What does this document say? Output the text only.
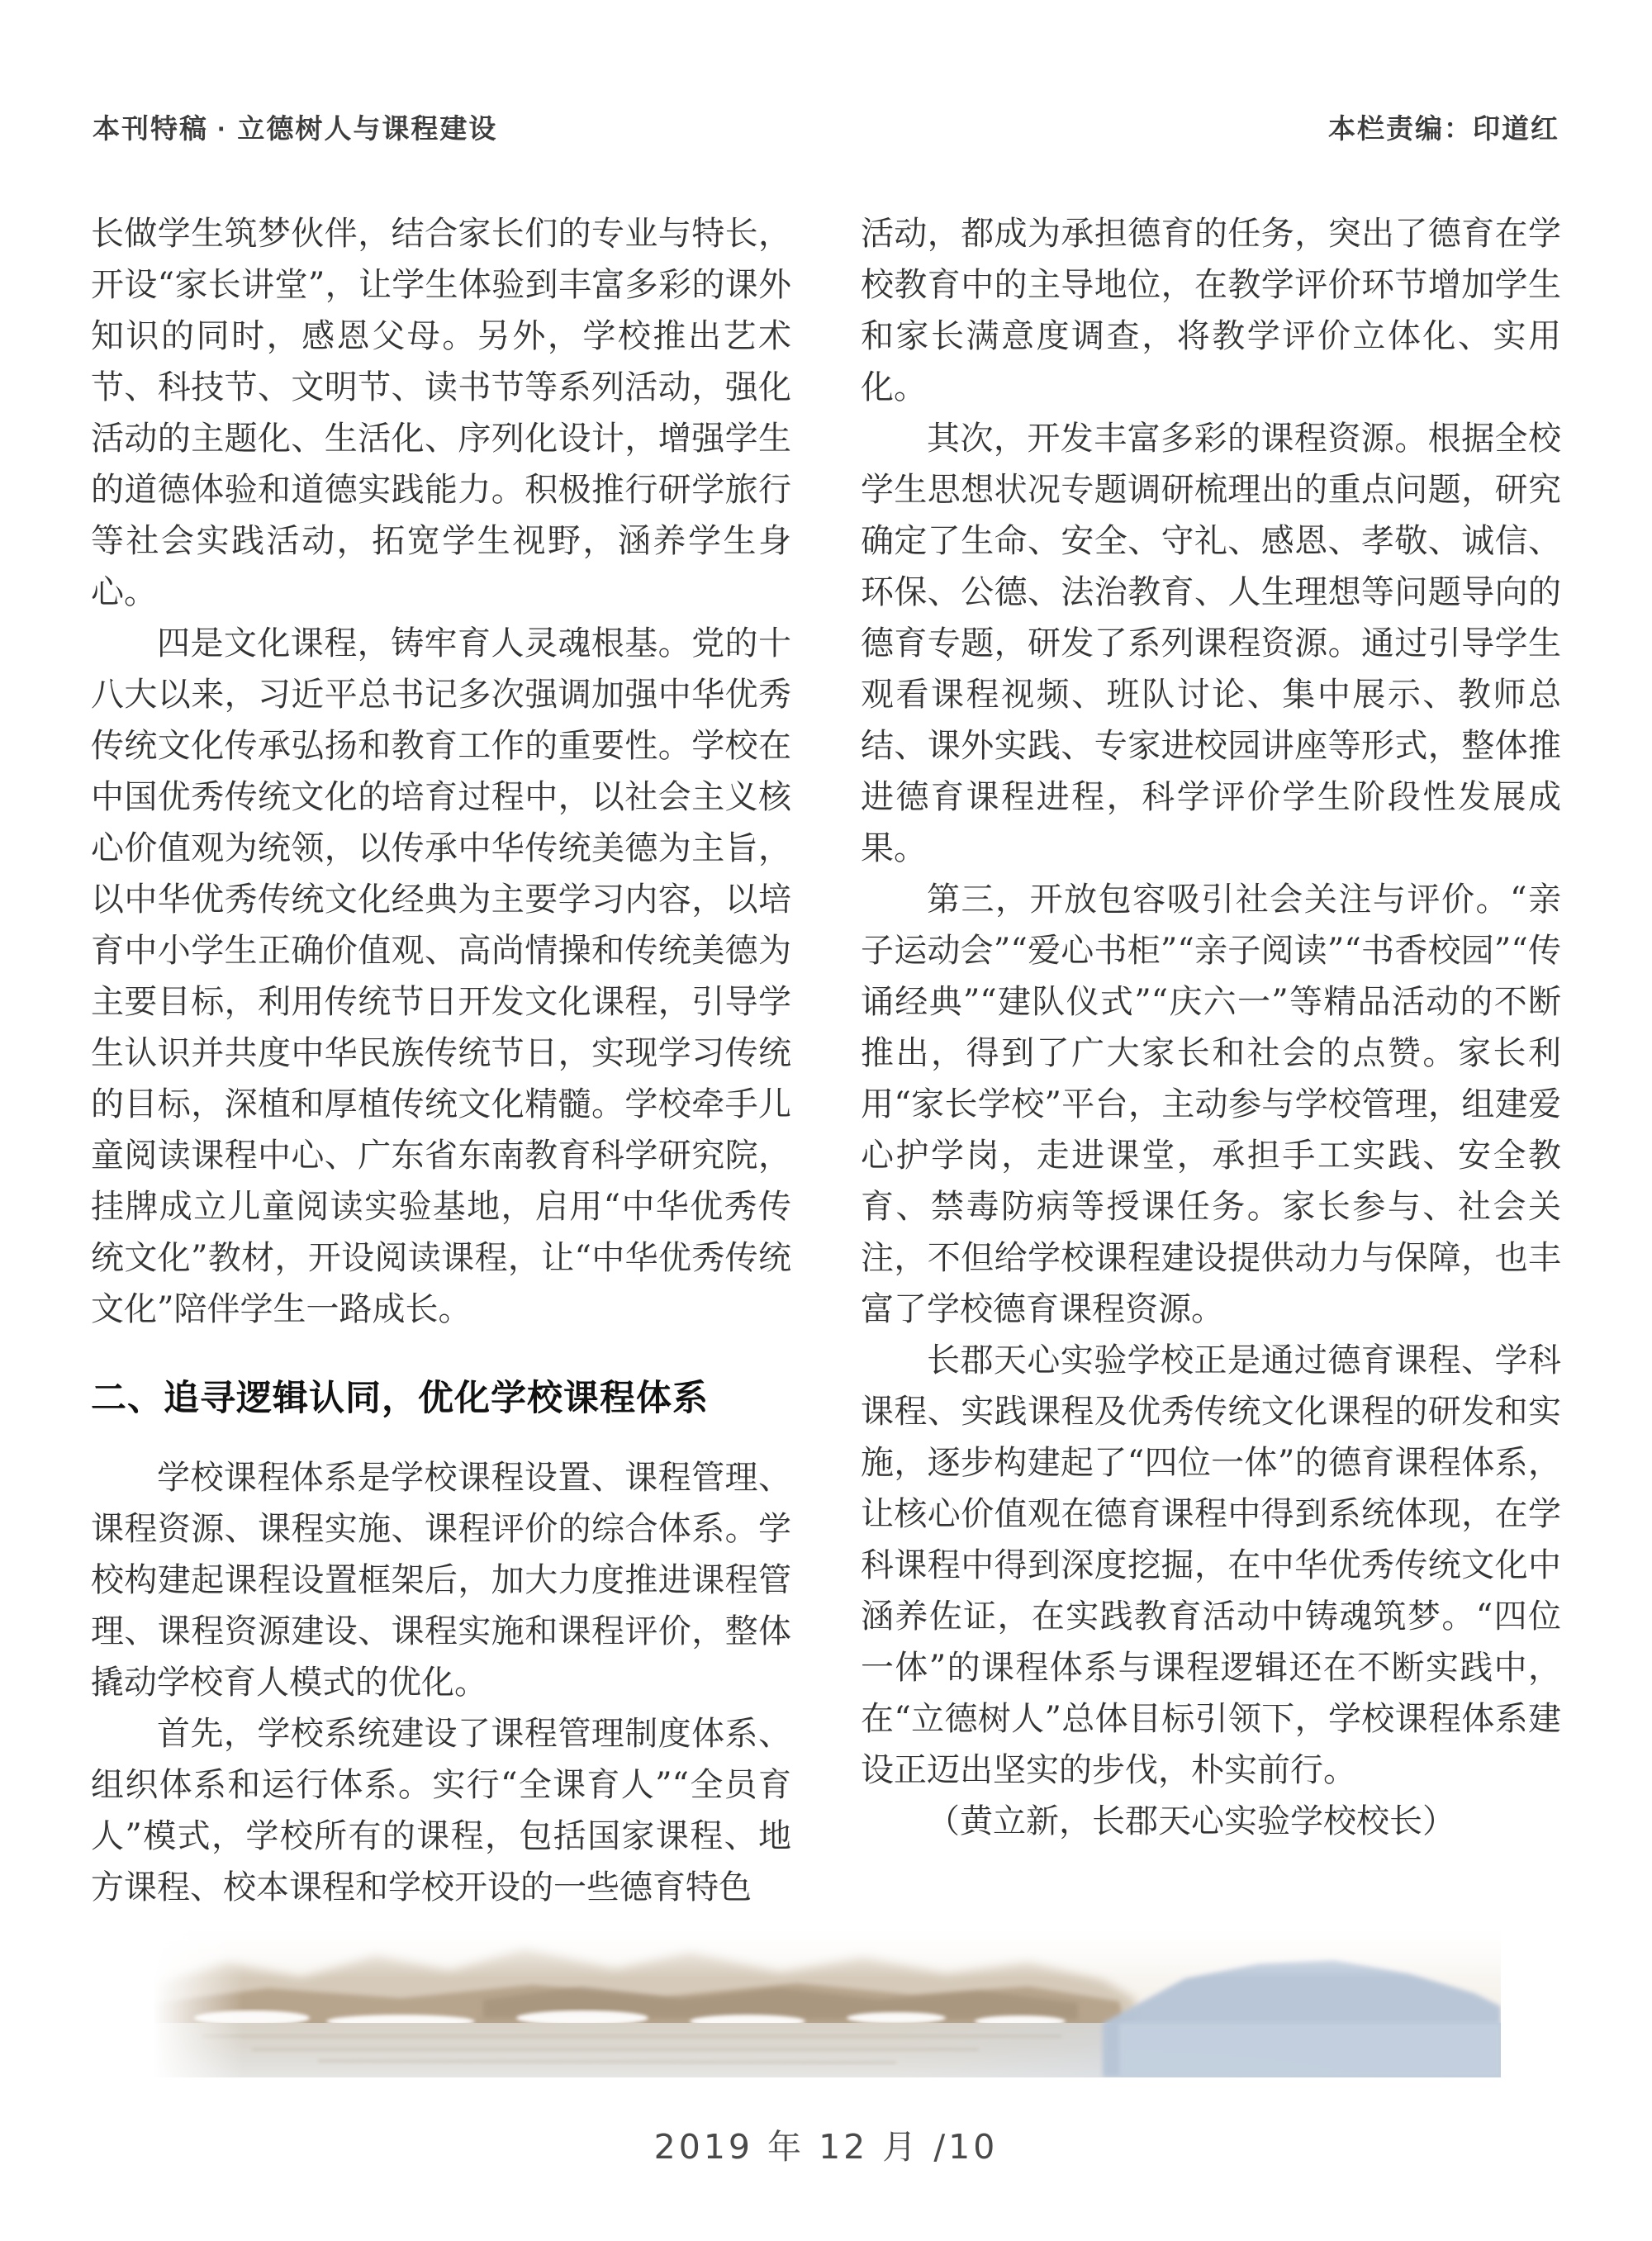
本刊特稿 · 立德树人与课程建设	本栏责编：印道红

长做学生筑梦伙伴，结合家长们的专业与特长，开设“家长讲堂”，让学生体验到丰富多彩的课外知识的同时，感恩父母。另外，学校推出艺术节、科技节、文明节、读书节等系列活动，强化活动的主题化、生活化、序列化设计，增强学生的道德体验和道德实践能力。积极推行研学旅行等社会实践活动，拓宽学生视野，涵养学生身心。

四是文化课程，铸牢育人灵魂根基。党的十八大以来，习近平总书记多次强调加强中华优秀传统文化传承弘扬和教育工作的重要性。学校在中国优秀传统文化的培育过程中，以社会主义核心价值观为统领，以传承中华传统美德为主旨，以中华优秀传统文化经典为主要学习内容，以培育中小学生正确价值观、高尚情操和传统美德为主要目标，利用传统节日开发文化课程，引导学生认识并共度中华民族传统节日，实现学习传统的目标，深植和厚植传统文化精髓。学校牵手儿童阅读课程中心、广东省东南教育科学研究院，挂牌成立儿童阅读实验基地，启用“中华优秀传统文化”教材，开设阅读课程，让“中华优秀传统文化”陪伴学生一路成长。

二、追寻逻辑认同，优化学校课程体系

学校课程体系是学校课程设置、课程管理、课程资源、课程实施、课程评价的综合体系。学校构建起课程设置框架后，加大力度推进课程管理、课程资源建设、课程实施和课程评价，整体撬动学校育人模式的优化。

首先，学校系统建设了课程管理制度体系、组织体系和运行体系。实行“全课育人”“全员育人”模式，学校所有的课程，包括国家课程、地方课程、校本课程和学校开设的一些德育特色

活动，都成为承担德育的任务，突出了德育在学校教育中的主导地位，在教学评价环节增加学生和家长满意度调查，将教学评价立体化、实用化。

其次，开发丰富多彩的课程资源。根据全校学生思想状况专题调研梳理出的重点问题，研究确定了生命、安全、守礼、感恩、孝敬、诚信、环保、公德、法治教育、人生理想等问题导向的德育专题，研发了系列课程资源。通过引导学生观看课程视频、班队讨论、集中展示、教师总结、课外实践、专家进校园讲座等形式，整体推进德育课程进程，科学评价学生阶段性发展成果。

第三，开放包容吸引社会关注与评价。“亲子运动会”“爱心书柜”“亲子阅读”“书香校园”“传诵经典”“建队仪式”“庆六一”等精品活动的不断推出，得到了广大家长和社会的点赞。家长利用“家长学校”平台，主动参与学校管理，组建爱心护学岗，走进课堂，承担手工实践、安全教育、禁毒防病等授课任务。家长参与、社会关注，不但给学校课程建设提供动力与保障，也丰富了学校德育课程资源。

长郡天心实验学校正是通过德育课程、学科课程、实践课程及优秀传统文化课程的研发和实施，逐步构建起了“四位一体”的德育课程体系，让核心价值观在德育课程中得到系统体现，在学科课程中得到深度挖掘，在中华优秀传统文化中涵养佐证，在实践教育活动中铸魂筑梦。“四位一体”的课程体系与课程逻辑还在不断实践中，在“立德树人”总体目标引领下，学校课程体系建设正迈出坚实的步伐，朴实前行。

（黄立新，长郡天心实验学校校长）

2019 年 12 月 /10
